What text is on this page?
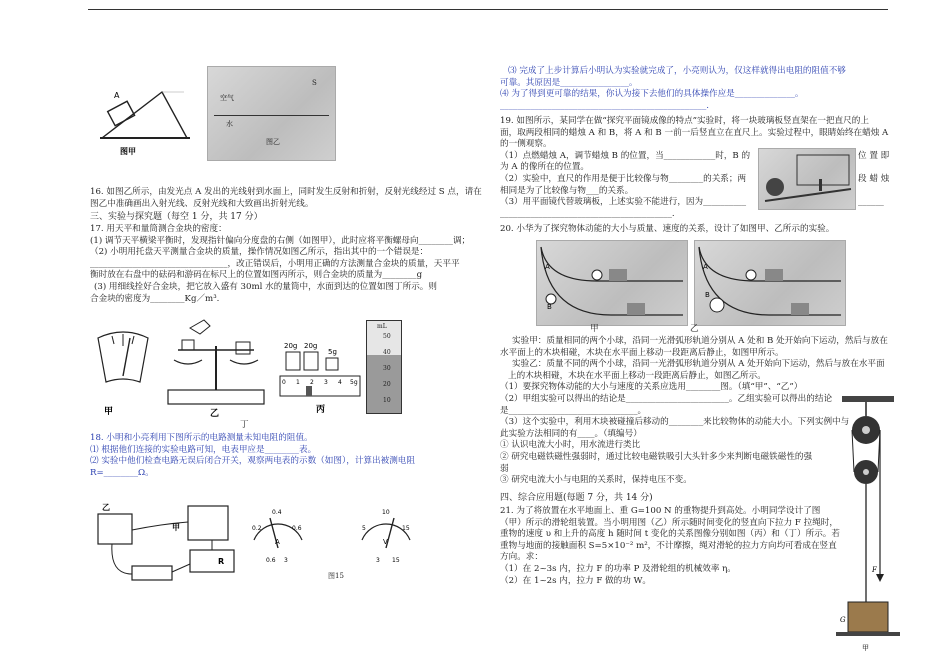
A
图甲
空气
S
水
图乙
16. 如图乙所示，由发光点 A 发出的光线射到水面上，同时发生反射和折射，反射光线经过 S 点，请在
图乙中准确画出入射光线、反射光线和大致画出折射光线。
三、实验与探究题（每空 1 分，共 17 分）
17. 用天平和量筒测合金块的密度：
(1) 调节天平横梁平衡时，发现指针偏向分度盘的右侧（如图甲），此时应将平衡螺母向________调；
（2) 小明用托盘天平测量合金块的质量，操作情况如图乙所示，指出其中的一个错误是：
________________________________，改正错误后，小明用正确的方法测量合金块的质量，天平平
衡时放在右盘中的砝码和游码在标尺上的位置如图丙所示，则合金块的质量为________g
(3) 用细线拴好合金块，把它放入盛有 30ml 水的量筒中，水面到达的位置如图丁所示。则
合金块的密度为________Kg／m³.
甲	乙
20g 20g
5g
0 1 2 3 4 5g
丙
mL
50
40
30
20
10
丁
18. 小明和小亮利用下图所示的电路测量未知电阻的阻值。
⑴ 根据他们连接的实验电路可知，电表甲应是________表。
⑵ 实验中他们检查电路无误后闭合开关，观察两电表的示数（如图），计算出被测电阻
R=________Ω。
乙
甲
R
0.2
0.4
0.6
A
0.6 3
5
10
15
V
3 15
图15
⑶ 完成了上步计算后小明认为实验就完成了，小亮则认为，仅这样就得出电阻的阻值不够
可靠。其原因是________________。
⑷ 为了得到更可靠的结果，你认为接下去他们的具体操作应是______________。
________________________________________________.
19. 如图所示，某同学在做“探究平面镜成像的特点”实验时，将一块玻璃板竖直架在一把直尺的上
面，取两段相同的蜡烛 A 和 B，将 A 和 B 一前一后竖直立在直尺上。实验过程中，眼睛始终在蜡烛 A
的一侧观察。
（1）点燃蜡烛 A，调节蜡烛 B 的位置，当____________时，B 的
为 A 的像所在的位置。
（2）实验中，直尺的作用是便于比较像与物________的关系；两
相同是为了比较像与物___的关系。
（3）用平面镜代替玻璃板，上述实验不能进行，因为__________
________________________________________.
位 置 即
段 蜡 烛
______
20. 小华为了探究物体动能的大小与质量、速度的关系，设计了如图甲、乙所示的实验。
A
B
A
B
甲	乙
实验甲：质量相同的两个小球，沿同一光滑弧形轨道分别从 A 处和 B 处开始向下运动，然后与放在
水平面上的木块相碰，木块在水平面上移动一段距离后静止，如图甲所示。
实验乙：质量不同的两个小球，沿同一光滑弧形轨道分别从 A 处开始向下运动，然后与放在水平面
上的木块相碰，木块在水平面上移动一段距离后静止，如图乙所示。
（1）要探究物体动能的大小与速度的关系应选用________图。（填“甲”、“乙”）
（2）甲组实验可以得出的结论是________________________。乙组实验可以得出的结论
是______________________________。
（3）这个实验中，利用木块被碰撞后移动的________来比较物体的动能大小。下列实例中与
此实验方法相同的有____。（填编号）
① 认识电流大小时，用水流进行类比
② 研究电磁铁磁性强弱时，通过比较电磁铁吸引大头针多少来判断电磁铁磁性的强
弱
③ 研究电流大小与电阻的关系时，保持电压不变。
四、综合应用题(每题 7 分，共 14 分)
21. 为了将放置在水平地面上、重 G=100 N 的重物提升到高处。小明同学设计了图
（甲）所示的滑轮组装置。当小明用图（乙）所示随时间变化的竖直向下拉力 F 拉绳时，
重物的速度 υ 和上升的高度 h 随时间 t 变化的关系图像分别如图（丙）和（丁）所示。若
重物与地面的接触面积 S=5×10⁻² m²，不计摩擦，绳对滑轮的拉力方向均可看成在竖直
方向。求：
（1）在 2~3s 内，拉力 F 的功率 P 及滑轮组的机械效率 η。
（2）在 1~2s 内，拉力 F 做的功 W。
F
G
甲
